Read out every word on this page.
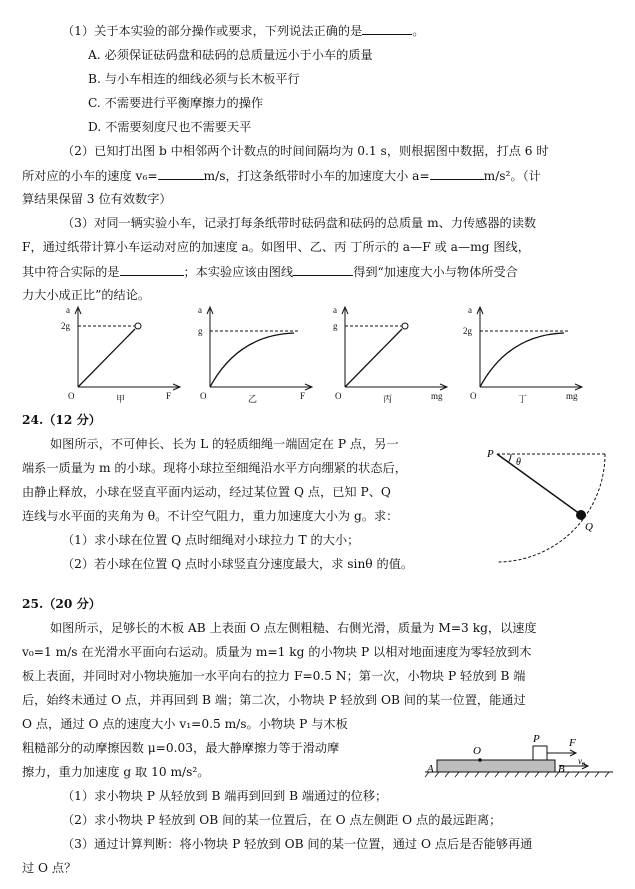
（1）关于本实验的部分操作或要求，下列说法正确的是	。
A. 必须保证砝码盘和砝码的总质量远小于小车的质量
B. 与小车相连的细线必须与长木板平行
C. 不需要进行平衡摩擦力的操作
D. 不需要刻度尺也不需要天平
（2）已知打出图 b 中相邻两个计数点的时间间隔均为 0.1 s，则根据图中数据，打点 6 时
所对应的小车的速度 v₆=	m/s，打这条纸带时小车的加速度大小 a=	m/s²。（计
算结果保留 3 位有效数字）
（3）对同一辆实验小车，记录打每条纸带时砝码盘和砝码的总质量 m、力传感器的读数
F，通过纸带计算小车运动对应的加速度 a。如图甲、乙、丙 丁所示的 a—F 或 a—mg 图线，
其中符合实际的是	；本实验应该由图线	得到“加速度大小与物体所受合
力大小成正比”的结论。
a
2g
O	F
甲
a
g
O	F
乙
a
g
O	mg
丙
a
2g
O	mg
丁
24.（12 分）
如图所示，不可伸长、长为 L 的轻质细绳一端固定在 P 点，另一
端系一质量为 m 的小球。现将小球拉至细绳沿水平方向绷紧的状态后，
由静止释放，小球在竖直平面内运动，经过某位置 Q 点，已知 P、Q
连线与水平面的夹角为 θ。不计空气阻力，重力加速度大小为 g。求：
（1）求小球在位置 Q 点时细绳对小球拉力 T 的大小；
（2）若小球在位置 Q 点时小球竖直分速度最大，求 sinθ 的值。
P
θ
Q
25.（20 分）
如图所示，足够长的木板 AB 上表面 O 点左侧粗糙、右侧光滑，质量为 M=3 kg，以速度
v₀=1 m/s 在光滑水平面向右运动。质量为 m=1 kg 的小物块 P 以相对地面速度为零轻放到木
板上表面，并同时对小物块施加一水平向右的拉力 F=0.5 N；第一次，小物块 P 轻放到 B 端
后，始终未通过 O 点，并再回到 B 端；第二次，小物块 P 轻放到 OB 间的某一位置，能通过
O 点，通过 O 点的速度大小 v₁=0.5 m/s。小物块 P 与木板
粗糙部分的动摩擦因数 μ=0.03，最大静摩擦力等于滑动摩
擦力，重力加速度 g 取 10 m/s²。
（1）求小物块 P 从轻放到 B 端再到回到 B 端通过的位移；
（2）求小物块 P 轻放到 OB 间的某一位置后，在 O 点左侧距 O 点的最远距离；
（3）通过计算判断：将小物块 P 轻放到 OB 间的某一位置，通过 O 点后是否能够再通
过 O 点？
A
O
P	F
B
v₀
